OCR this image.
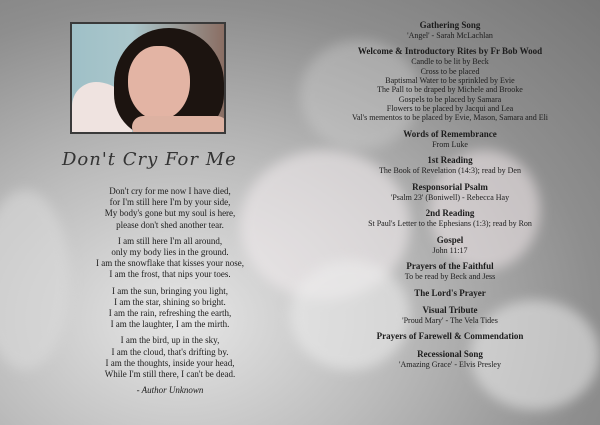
Don't Cry For Me
Don't cry for me now I have died,
for I'm still here I'm by your side,
My body's gone but my soul is here,
please don't shed another tear.
I am still here I'm all around,
only my body lies in the ground.
I am the snowflake that kisses your nose,
I am the frost, that nips your toes.
I am the sun, bringing you light,
I am the star, shining so bright.
I am the rain, refreshing the earth,
I am the laughter, I am the mirth.
I am the bird, up in the sky,
I am the cloud, that's drifting by.
I am the thoughts, inside your head,
While I'm still there, I can't be dead.
- Author Unknown
Gathering Song
'Angel' - Sarah McLachlan
Welcome & Introductory Rites by Fr Bob Wood
Candle to be lit by Beck
Cross to be placed
Baptismal Water to be sprinkled by Evie
The Pall to be draped by Michele and Brooke
Gospels to be placed by Samara
Flowers to be placed by Jacqui and Lea
Val's mementos to be placed by Evie, Mason, Samara and Eli
Words of Remembrance
From Luke
1st Reading
The Book of Revelation (14:3); read by Den
Responsorial Psalm
'Psalm 23' (Boniwell) - Rebecca Hay
2nd Reading
St Paul's Letter to the Ephesians (1:3); read by Ron
Gospel
John 11:17
Prayers of the Faithful
To be read by Beck and Jess
The Lord's Prayer
Visual Tribute
'Proud Mary' - The Vela Tides
Prayers of Farewell & Commendation
Recessional Song
'Amazing Grace' - Elvis Presley
